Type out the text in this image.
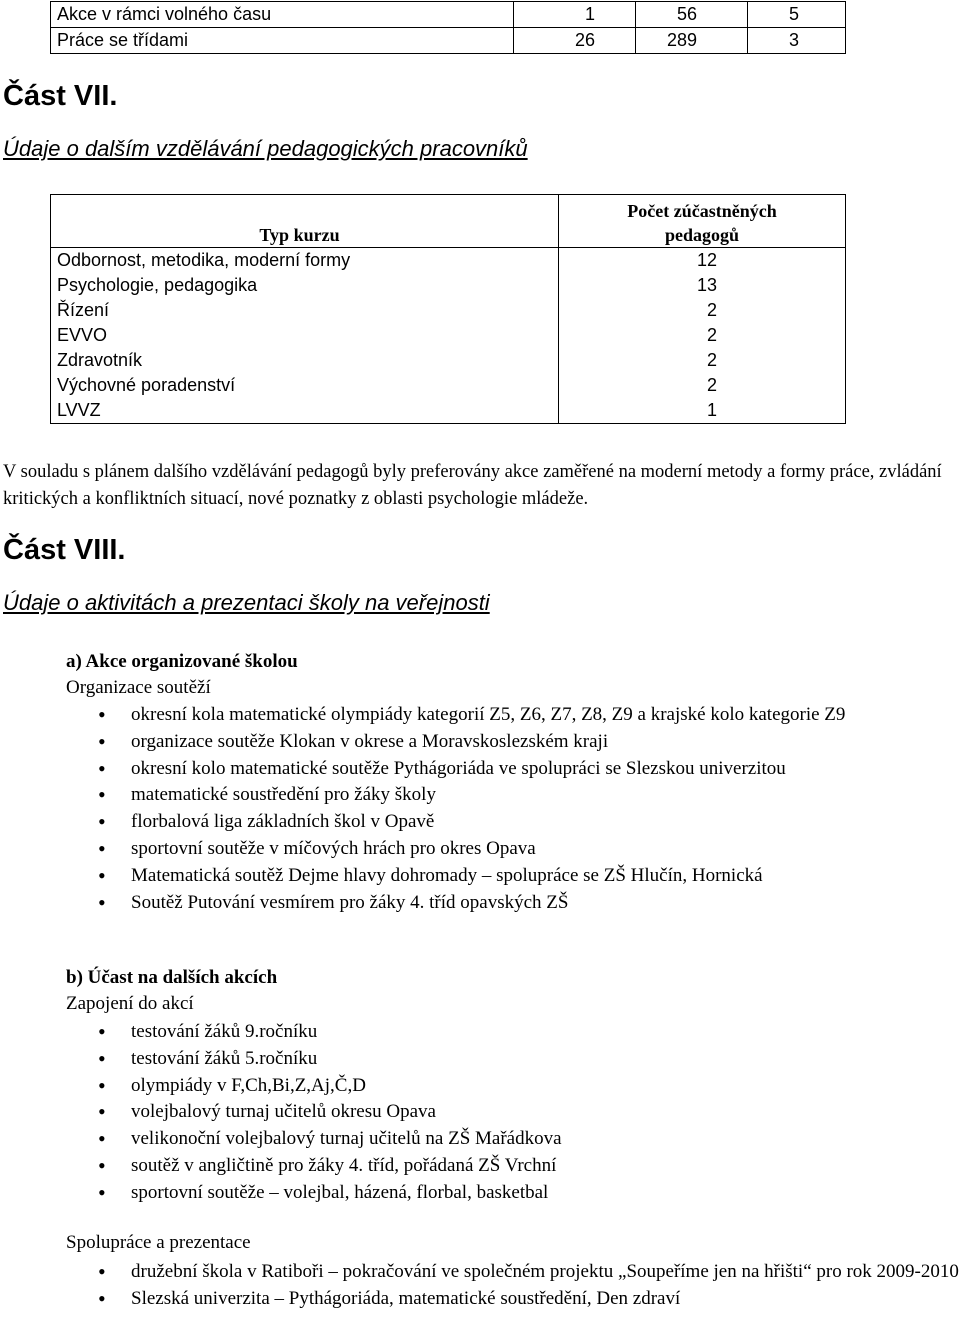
Akce v rámci volného času	1	56	5
Práce se třídami	26	289	3
Část VII.
Údaje o dalším vzdělávání pedagogických pracovníků
Typ kurzu	Počet zúčastněných
pedagogů

Odbornost, metodika, moderní formy	12
Psychologie, pedagogika	13
Řízení	2
EVVO	2
Zdravotník	2
Výchovné poradenství	2
LVVZ	1
V souladu s plánem dalšího vzdělávání pedagogů byly preferovány akce zaměřené na moderní metody a formy práce, zvládání kritických a konfliktních situací, nové poznatky z oblasti psychologie mládeže.
Část VIII.
Údaje o aktivitách a prezentaci školy na veřejnosti
a) Akce organizované školou
Organizace soutěží
• okresní kola matematické olympiády kategorií Z5, Z6, Z7, Z8, Z9 a krajské kolo kategorie Z9
• organizace soutěže Klokan v okrese a Moravskoslezském kraji
• okresní kolo matematické soutěže Pythágoriáda ve spolupráci se Slezskou univerzitou
• matematické soustředění pro žáky školy
• florbalová liga základních škol v Opavě
• sportovní soutěže v míčových hrách pro okres Opava
• Matematická soutěž Dejme hlavy dohromady – spolupráce se ZŠ Hlučín, Hornická
• Soutěž Putování vesmírem pro žáky 4. tříd opavských ZŠ
b) Účast na dalších akcích
Zapojení do akcí
• testování žáků 9.ročníku
• testování žáků 5.ročníku
• olympiády v F,Ch,Bi,Z,Aj,Č,D
• volejbalový turnaj učitelů okresu Opava
• velikonoční volejbalový turnaj učitelů na ZŠ Mařádkova
• soutěž v angličtině pro žáky 4. tříd, pořádaná ZŠ Vrchní
• sportovní soutěže – volejbal, házená, florbal, basketbal
Spolupráce a prezentace
• družební škola v Ratiboři – pokračování ve společném projektu „Soupeříme jen na hřišti“ pro rok 2009-2010
• Slezská univerzita – Pythágoriáda, matematické soustředění, Den zdraví
